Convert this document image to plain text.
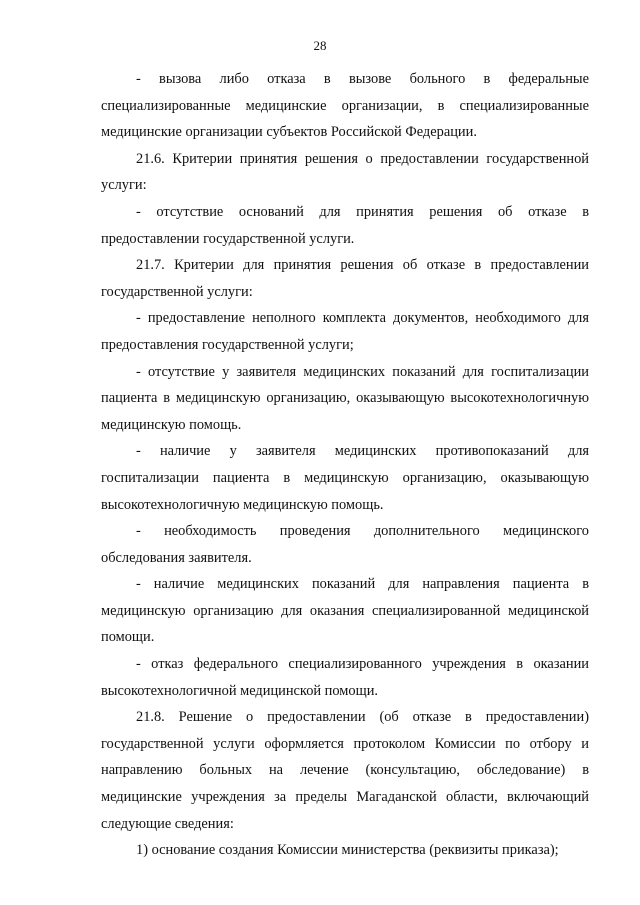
28

- вызова либо отказа в вызове больного в федеральные специализированные медицинские организации, в специализированные медицинские организации субъектов Российской Федерации.

21.6. Критерии принятия решения о предоставлении государственной услуги:

- отсутствие оснований для принятия решения об отказе в предоставлении государственной услуги.

21.7. Критерии для принятия решения об отказе в предоставлении государственной услуги:

- предоставление неполного комплекта документов, необходимого для предоставления государственной услуги;

- отсутствие у заявителя медицинских показаний для госпитализации пациента в медицинскую организацию, оказывающую высокотехнологичную медицинскую помощь.

- наличие у заявителя медицинских противопоказаний для госпитализации пациента в медицинскую организацию, оказывающую высокотехнологичную медицинскую помощь.

- необходимость проведения дополнительного медицинского обследования заявителя.

- наличие медицинских показаний для направления пациента в медицинскую организацию для оказания специализированной медицинской помощи.

- отказ федерального специализированного учреждения в оказании высокотехнологичной медицинской помощи.

21.8. Решение о предоставлении (об отказе в предоставлении) государственной услуги оформляется протоколом Комиссии по отбору и направлению больных на лечение (консультацию, обследование) в медицинские учреждения за пределы Магаданской области, включающий следующие сведения:

1) основание создания Комиссии министерства (реквизиты приказа);
